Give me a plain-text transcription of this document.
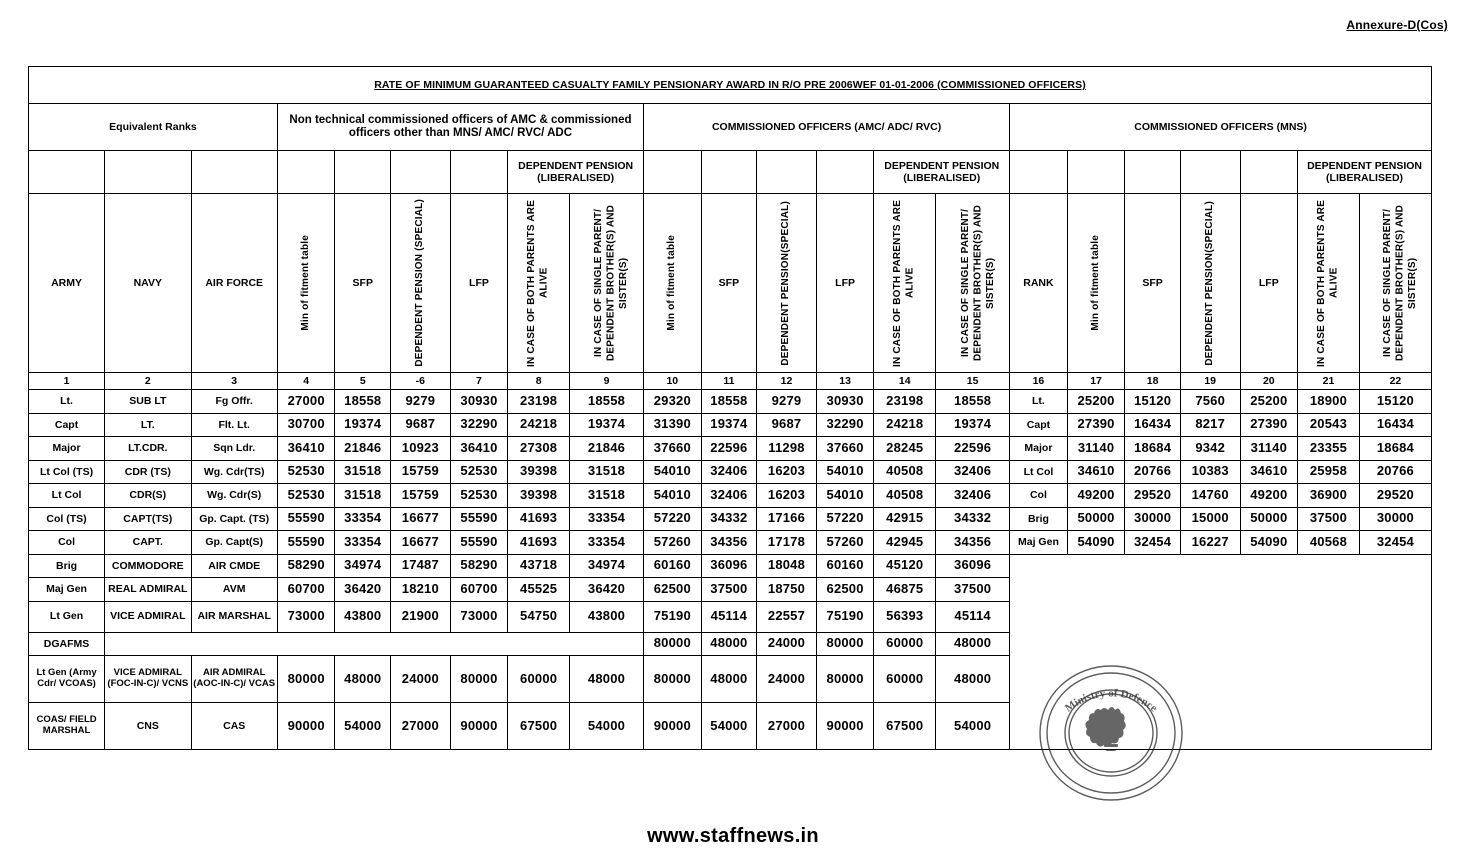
Annexure-D(Cos)
RATE OF MINIMUM GUARANTEED CASUALTY FAMILY PENSIONARY AWARD IN R/O PRE 2006WEF 01-01-2006 (COMMISSIONED OFFICERS)																					
Equivalent Ranks			Non technical commissioned officers of AMC & commissioned officers other than MNS/ AMC/ RVC/ ADC						COMMISSIONED OFFICERS (AMC/ ADC/ RVC)						COMMISSIONED OFFICERS (MNS)						
							DEPENDENT PENSION (LIBERALISED)						DEPENDENT PENSION (LIBERALISED)							DEPENDENT PENSION (LIBERALISED)	

ARMY	NAVY	AIR FORCE	Min of fitment table	SFP	DEPENDENT PENSION (SPECIAL)	LFP	IN CASE OF BOTH PARENTS ARE ALIVE	IN CASE OF SINGLE PARENT/ DEPENDENT BROTHER(S) AND SISTER(S)	Min of fitment table	SFP	DEPENDENT PENSION(SPECIAL)	LFP	IN CASE OF BOTH PARENTS ARE ALIVE	IN CASE OF SINGLE PARENT/ DEPENDENT BROTHER(S) AND SISTER(S)	RANK	Min of fitment table	SFP	DEPENDENT PENSION(SPECIAL)	LFP	IN CASE OF BOTH PARENTS ARE ALIVE	IN CASE OF SINGLE PARENT/ DEPENDENT BROTHER(S) AND SISTER(S)

1	2	3	4	5	-6	7	8	9	10	11	12	13	14	15	16	17	18	19	20	21	22
Lt.	SUB LT	Fg Offr.	27000	18558	9279	30930	23198	18558	29320	18558	9279	30930	23198	18558	Lt.	25200	15120	7560	25200	18900	15120
Capt	LT.	Flt. Lt.	30700	19374	9687	32290	24218	19374	31390	19374	9687	32290	24218	19374	Capt	27390	16434	8217	27390	20543	16434
Major	LT.CDR.	Sqn Ldr.	36410	21846	10923	36410	27308	21846	37660	22596	11298	37660	28245	22596	Major	31140	18684	9342	31140	23355	18684
Lt Col (TS)	CDR (TS)	Wg. Cdr(TS)	52530	31518	15759	52530	39398	31518	54010	32406	16203	54010	40508	32406	Lt Col	34610	20766	10383	34610	25958	20766
Lt Col	CDR(S)	Wg. Cdr(S)	52530	31518	15759	52530	39398	31518	54010	32406	16203	54010	40508	32406	Col	49200	29520	14760	49200	36900	29520
Col (TS)	CAPT(TS)	Gp. Capt. (TS)	55590	33354	16677	55590	41693	33354	57220	34332	17166	57220	42915	34332	Brig	50000	30000	15000	50000	37500	30000
Col	CAPT.	Gp. Capt(S)	55590	33354	16677	55590	41693	33354	57260	34356	17178	57260	42945	34356	Maj Gen	54090	32454	16227	54090	40568	32454
Brig	COMMODORE	AIR CMDE	58290	34974	17487	58290	43718	34974	60160	36096	18048	60160	45120	36096							
Maj Gen	REAL ADMIRAL	AVM	60700	36420	18210	60700	45525	36420	62500	37500	18750	62500	46875	37500							
Lt Gen	VICE ADMIRAL	AIR MARSHAL	73000	43800	21900	73000	54750	43800	75190	45114	22557	75190	56393	45114							
DGAFMS									80000	48000	24000	80000	60000	48000							
Lt Gen (Army Cdr/ VCOAS)	VICE ADMIRAL (FOC-IN-C)/ VCNS	AIR ADMIRAL (AOC-IN-C)/ VCAS	80000	48000	24000	80000	60000	48000	80000	48000	24000	80000	60000	48000							
COAS/ FIELD MARSHAL	CNS	CAS	90000	54000	27000	90000	67500	54000	90000	54000	27000	90000	67500	54000							
Ministry of Defence
www.staffnews.in
